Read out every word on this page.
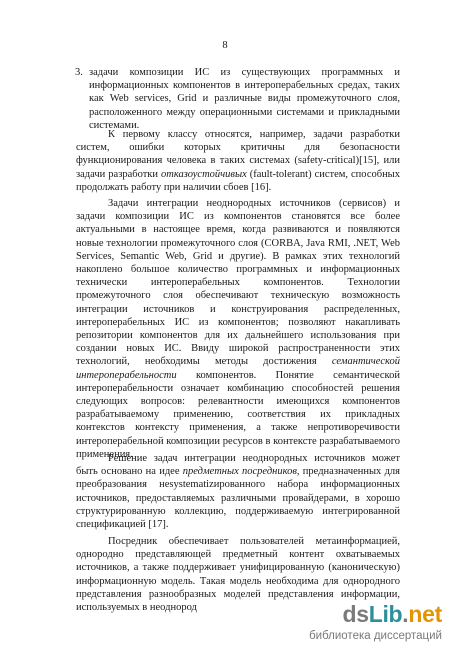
8
3. задачи композиции ИС из существующих программных и информационных компонентов в интероперабельных средах, таких как Web services, Grid и различные виды промежуточного слоя, расположенного между операционными системами и прикладными системами.
К первому классу относятся, например, задачи разработки систем, ошибки которых критичны для безопасности функционирования человека в таких системах (safety-critical)[15], или задачи разработки отказоустойчивых (fault-tolerant) систем, способных продолжать работу при наличии сбоев [16].
Задачи интеграции неоднородных источников (сервисов) и задачи композиции ИС из компонентов становятся все более актуальными в настоящее время, когда развиваются и появляются новые технологии промежуточного слоя (CORBA, Java RMI, .NET, Web Services, Semantic Web, Grid и другие). В рамках этих технологий накоплено большое количество программных и информационных технически интероперабельных компонентов. Технологии промежуточного слоя обеспечивают техническую возможность интеграции источников и конструирования распределенных, интероперабельных ИС из компонентов; позволяют накапливать репозитории компонентов для их дальнейшего использования при создании новых ИС. Ввиду широкой распространенности этих технологий, необходимы методы достижения семантической интероперабельности компонентов. Понятие семантической интероперабельности означает комбинацию способностей решения следующих вопросов: релевантности имеющихся компонентов разрабатываемому применению, соответствия их прикладных контекстов контексту применения, а также непротиворечивости интероперабельной композиции ресурсов в контексте разрабатываемого применения.
Решение задач интеграции неоднородных источников может быть основано на идее предметных посредников, предназначенных для преобразования неsystematizированного набора информационных источников, предоставляемых различными провайдерами, в хорошо структурированную коллекцию, поддерживаемую интегрированной спецификацией [17].
Посредник обеспечивает пользователей метаинформацией, однородно представляющей предметный контент охватываемых источников, а также поддерживает унифицированную (каноническую) информационную модель. Такая модель необходима для однородного представления разнообразных моделей представления информации, используемых в неоднород	dsLib.net
библиотека диссертаций
